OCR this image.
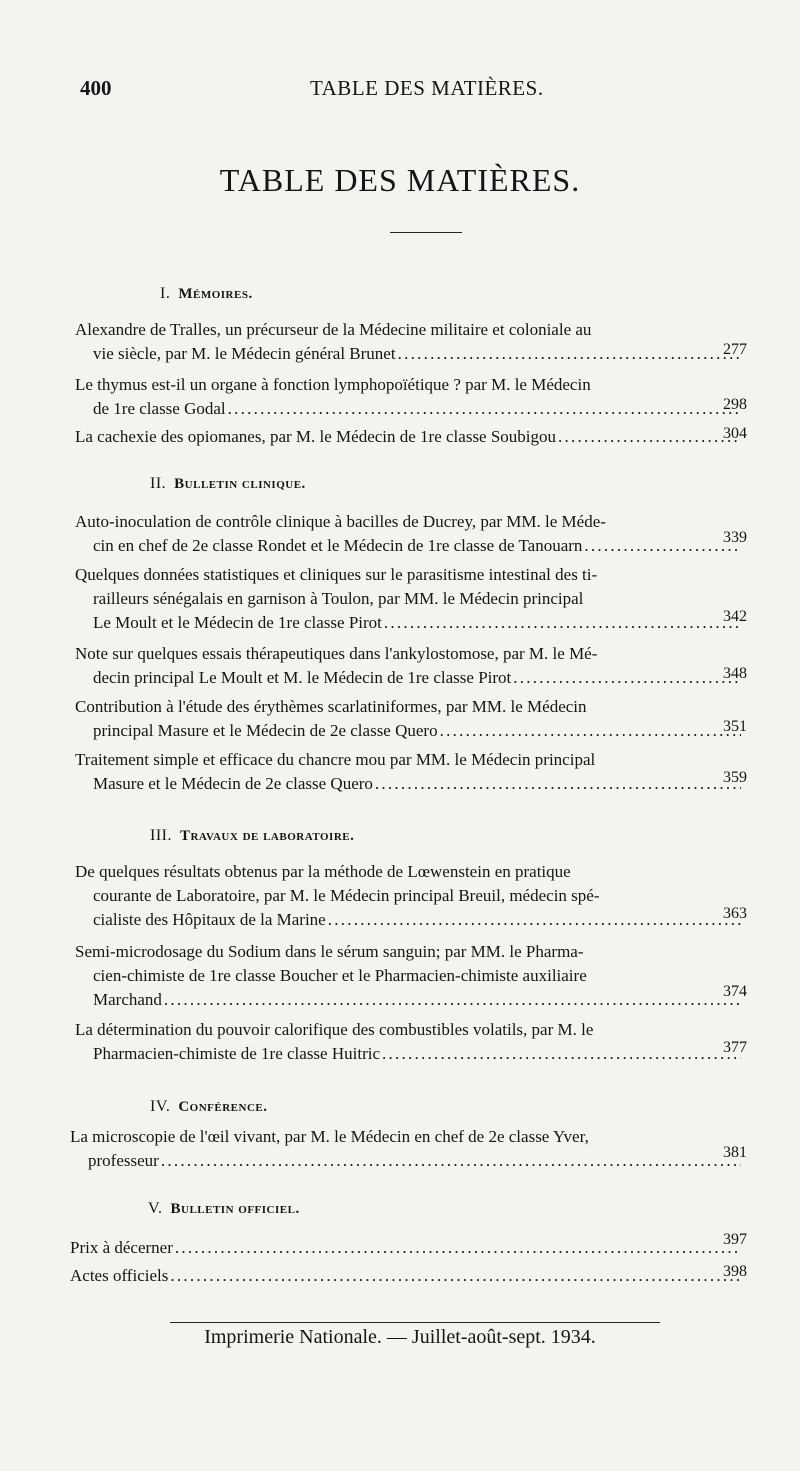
400	TABLE DES MATIÈRES.
TABLE DES MATIÈRES.
I. Mémoires.
Alexandre de Tralles, un précurseur de la Médecine militaire et coloniale au
vie siècle, par M. le Médecin général Brunet . . .	277
Le thymus est-il un organe à fonction lymphopoïétique ? par M. le Médecin
de 1re classe Godal . . .	298
La cachexie des opiomanes, par M. le Médecin de 1re classe Soubigou . . .	304
II. Bulletin clinique.
Auto-inoculation de contrôle clinique à bacilles de Ducrey, par MM. le Méde-
cin en chef de 2e classe Rondet et le Médecin de 1re classe de Tanouarn . . .	339
Quelques données statistiques et cliniques sur le parasitisme intestinal des ti-
railleurs sénégalais en garnison à Toulon, par MM. le Médecin principal
Le Moult et le Médecin de 1re classe Pirot . . .	342
Note sur quelques essais thérapeutiques dans l'ankylostomose, par M. le Mé-
decin principal Le Moult et M. le Médecin de 1re classe Pirot . . .	348
Contribution à l'étude des érythèmes scarlatiniformes, par MM. le Médecin
principal Masure et le Médecin de 2e classe Quero . . .	351
Traitement simple et efficace du chancre mou par MM. le Médecin principal
Masure et le Médecin de 2e classe Quero . . .	359
III. Travaux de laboratoire.
De quelques résultats obtenus par la méthode de Lœwenstein en pratique
courante de Laboratoire, par M. le Médecin principal Breuil, médecin spé-
cialiste des Hôpitaux de la Marine . . .	363
Semi-microdosage du Sodium dans le sérum sanguin; par MM. le Pharma-
cien-chimiste de 1re classe Boucher et le Pharmacien-chimiste auxiliaire
Marchand . . .	374
La détermination du pouvoir calorifique des combustibles volatils, par M. le
Pharmacien-chimiste de 1re classe Huitric . . .	377
IV. Conférence.
La microscopie de l'œil vivant, par M. le Médecin en chef de 2e classe Yver,
professeur . . .	381
V. Bulletin officiel.
Prix à décerner . . .	397
Actes officiels . . .	398
Imprimerie Nationale. — Juillet-août-sept. 1934.
